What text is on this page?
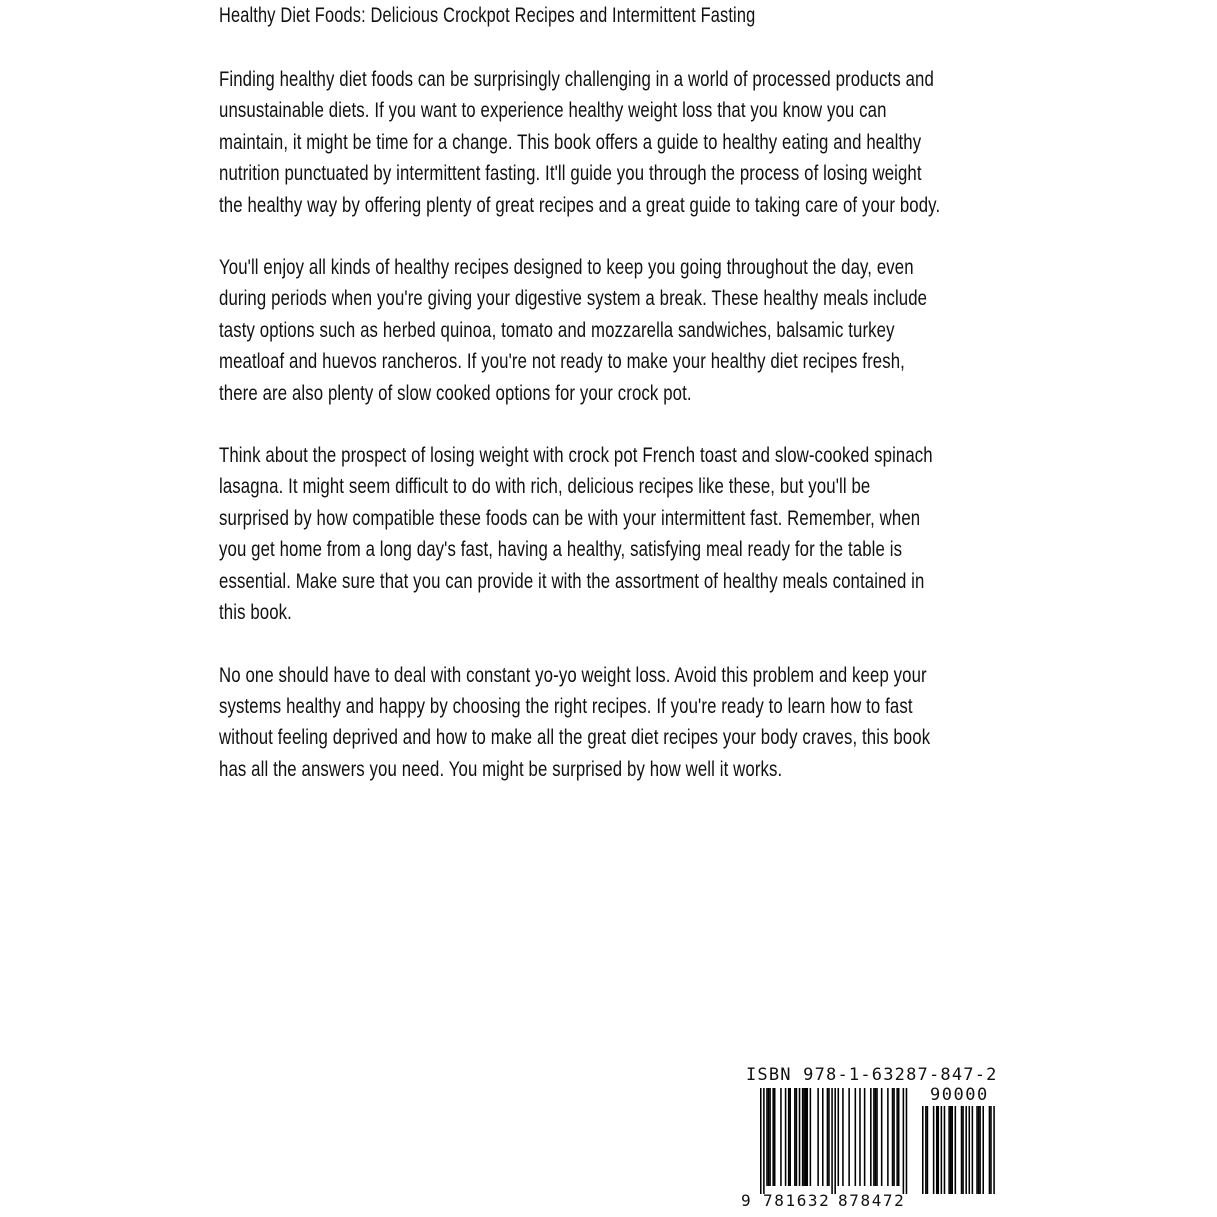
Healthy Diet Foods: Delicious Crockpot Recipes and Intermittent Fasting

Finding healthy diet foods can be surprisingly challenging in a world of processed products and
unsustainable diets. If you want to experience healthy weight loss that you know you can
maintain, it might be time for a change. This book offers a guide to healthy eating and healthy
nutrition punctuated by intermittent fasting. It'll guide you through the process of losing weight
the healthy way by offering plenty of great recipes and a great guide to taking care of your body.

You'll enjoy all kinds of healthy recipes designed to keep you going throughout the day, even
during periods when you're giving your digestive system a break. These healthy meals include
tasty options such as herbed quinoa, tomato and mozzarella sandwiches, balsamic turkey
meatloaf and huevos rancheros. If you're not ready to make your healthy diet recipes fresh,
there are also plenty of slow cooked options for your crock pot.

Think about the prospect of losing weight with crock pot French toast and slow-cooked spinach
lasagna. It might seem difficult to do with rich, delicious recipes like these, but you'll be
surprised by how compatible these foods can be with your intermittent fast. Remember, when
you get home from a long day's fast, having a healthy, satisfying meal ready for the table is
essential. Make sure that you can provide it with the assortment of healthy meals contained in
this book.

No one should have to deal with constant yo-yo weight loss. Avoid this problem and keep your
systems healthy and happy by choosing the right recipes. If you're ready to learn how to fast
without feeling deprived and how to make all the great diet recipes your body craves, this book
has all the answers you need. You might be surprised by how well it works.

ISBN 978-1-63287-847-2
90000
9 781632 878472
